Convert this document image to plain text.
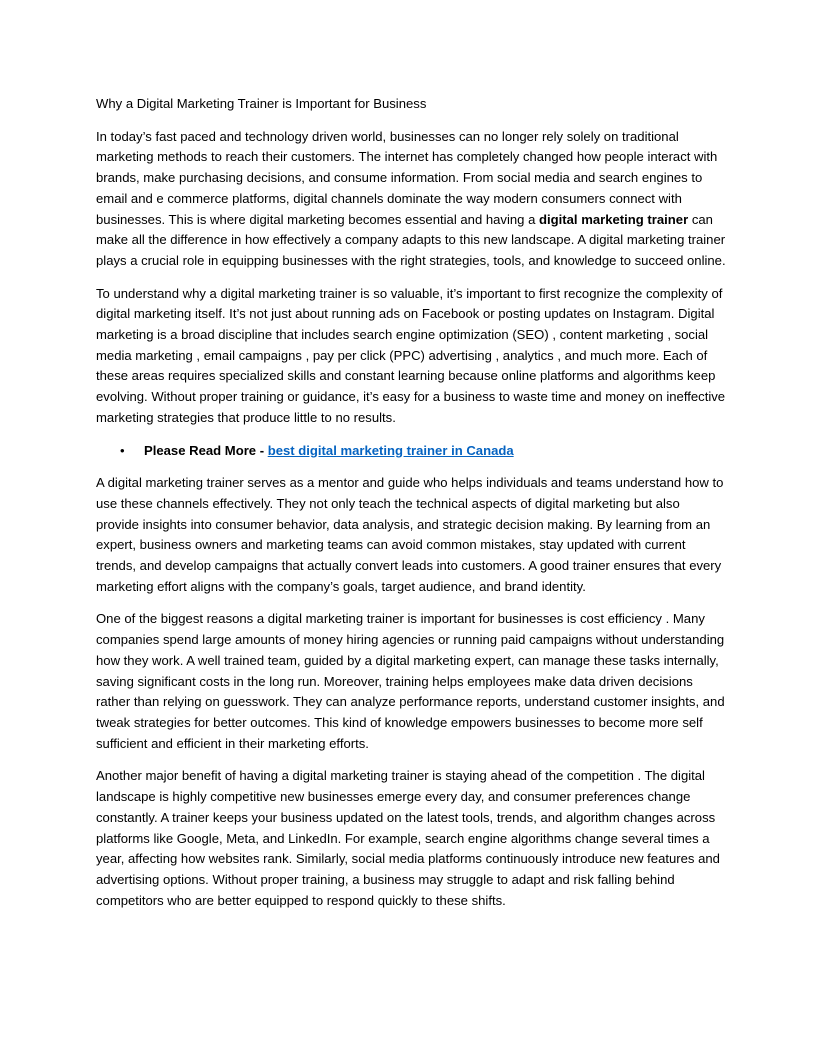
Why a Digital Marketing Trainer is Important for Business

In today’s fast paced and technology driven world, businesses can no longer rely solely on traditional marketing methods to reach their customers. The internet has completely changed how people interact with brands, make purchasing decisions, and consume information. From social media and search engines to email and e commerce platforms, digital channels dominate the way modern consumers connect with businesses. This is where digital marketing becomes essential and having a digital marketing trainer can make all the difference in how effectively a company adapts to this new landscape. A digital marketing trainer plays a crucial role in equipping businesses with the right strategies, tools, and knowledge to succeed online.

To understand why a digital marketing trainer is so valuable, it’s important to first recognize the complexity of digital marketing itself. It’s not just about running ads on Facebook or posting updates on Instagram. Digital marketing is a broad discipline that includes search engine optimization (SEO) , content marketing , social media marketing , email campaigns , pay per click (PPC) advertising , analytics , and much more. Each of these areas requires specialized skills and constant learning because online platforms and algorithms keep evolving. Without proper training or guidance, it’s easy for a business to waste time and money on ineffective marketing strategies that produce little to no results.

• Please Read More - best digital marketing trainer in Canada

A digital marketing trainer serves as a mentor and guide who helps individuals and teams understand how to use these channels effectively. They not only teach the technical aspects of digital marketing but also provide insights into consumer behavior, data analysis, and strategic decision making. By learning from an expert, business owners and marketing teams can avoid common mistakes, stay updated with current trends, and develop campaigns that actually convert leads into customers. A good trainer ensures that every marketing effort aligns with the company’s goals, target audience, and brand identity.

One of the biggest reasons a digital marketing trainer is important for businesses is cost efficiency . Many companies spend large amounts of money hiring agencies or running paid campaigns without understanding how they work. A well trained team, guided by a digital marketing expert, can manage these tasks internally, saving significant costs in the long run. Moreover, training helps employees make data driven decisions rather than relying on guesswork. They can analyze performance reports, understand customer insights, and tweak strategies for better outcomes. This kind of knowledge empowers businesses to become more self sufficient and efficient in their marketing efforts.

Another major benefit of having a digital marketing trainer is staying ahead of the competition . The digital landscape is highly competitive new businesses emerge every day, and consumer preferences change constantly. A trainer keeps your business updated on the latest tools, trends, and algorithm changes across platforms like Google, Meta, and LinkedIn. For example, search engine algorithms change several times a year, affecting how websites rank. Similarly, social media platforms continuously introduce new features and advertising options. Without proper training, a business may struggle to adapt and risk falling behind competitors who are better equipped to respond quickly to these shifts.
